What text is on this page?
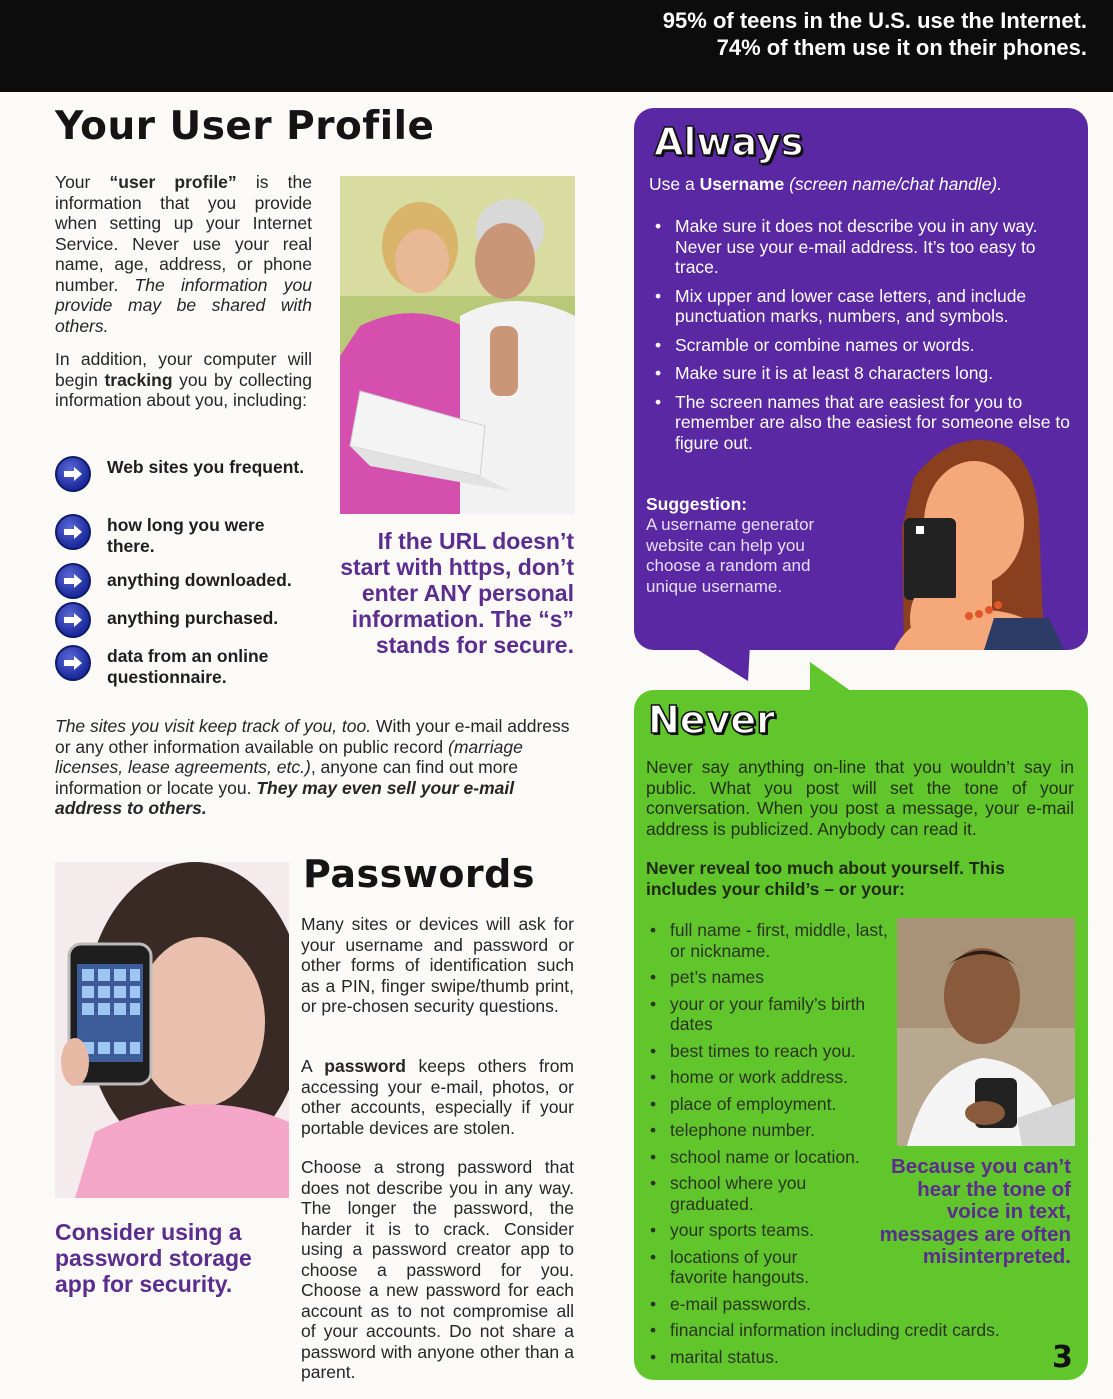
95% of teens in the U.S. use the Internet.
74% of them use it on their phones.
Your User Profile
Your “user profile” is the information that you provide when setting up your Internet Service. Never use your real name, age, address, or phone number. The information you provide may be shared with others.
In addition, your computer will begin tracking you by collecting information about you, including:
Web sites you frequent.
how long you were there.
anything downloaded.
anything purchased.
data from an online questionnaire.
If the URL doesn’t start with https, don’t enter ANY personal information. The “s” stands for secure.
The sites you visit keep track of you, too. With your e-mail address or any other information available on public record (marriage licenses, lease agreements, etc.), anyone can find out more information or locate you. They may even sell your e-mail address to others.
Passwords
Many sites or devices will ask for your username and password or other forms of identification such as a PIN, finger swipe/thumb print, or pre-chosen security questions.
A password keeps others from accessing your e-mail, photos, or other accounts, especially if your portable devices are stolen.
Choose a strong password that does not describe you in any way. The longer the password, the harder it is to crack. Consider using a password creator app to choose a password for you. Choose a new password for each account as to not compromise all of your accounts. Do not share a password with anyone other than a parent.
Consider using a password storage app for security.
Always
Use a Username (screen name/chat handle).
• Make sure it does not describe you in any way. Never use your e-mail address. It’s too easy to trace.
• Mix upper and lower case letters, and include punctuation marks, numbers, and symbols.
• Scramble or combine names or words.
• Make sure it is at least 8 characters long.
• The screen names that are easiest for you to remember are also the easiest for someone else to figure out.
Suggestion:
A username generator website can help you choose a random and unique username.
Never
Never say anything on-line that you wouldn’t say in public. What you post will set the tone of your conversation. When you post a message, your e-mail address is publicized. Anybody can read it.
Never reveal too much about yourself. This includes your child’s – or your:
• full name - first, middle, last, or nickname.
• pet’s names
• your or your family’s birth dates
• best times to reach you.
• home or work address.
• place of employment.
• telephone number.
• school name or location.
• school where you graduated.
• your sports teams.
• locations of your favorite hangouts.
• e-mail passwords.
• financial information including credit cards.
• marital status.
Because you can’t hear the tone of voice in text, messages are often misinterpreted.
3
